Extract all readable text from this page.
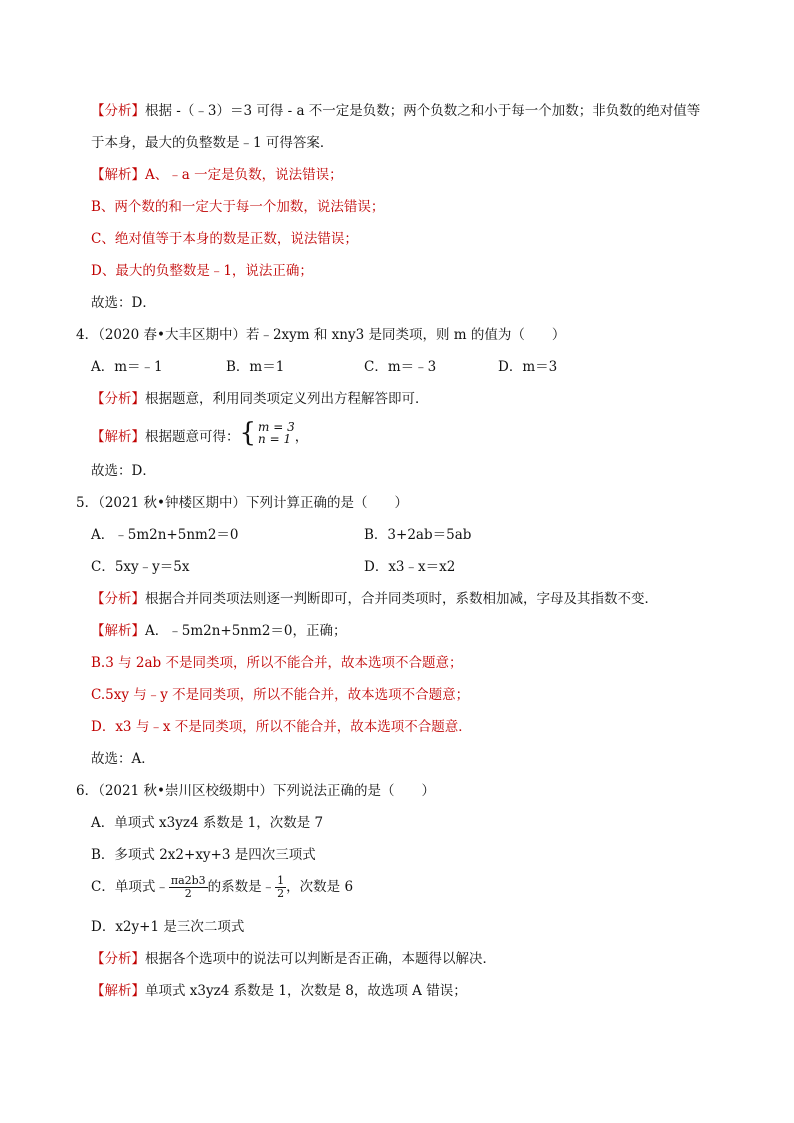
【分析】根据 -（﹣3）＝3 可得 - a 不一定是负数；两个负数之和小于每一个加数；非负数的绝对值等
于本身，最大的负整数是﹣1 可得答案．
【解析】A、﹣a 一定是负数，说法错误；
B、两个数的和一定大于每一个加数，说法错误；
C、绝对值等于本身的数是正数，说法错误；
D、最大的负整数是﹣1，说法正确；
故选：D．
4．（2020 春•大丰区期中）若﹣2xym 和 xny3 是同类项，则 m 的值为（　　）
A．m＝﹣1	B．m＝1	C．m＝﹣3	D．m＝3
【分析】根据题意，利用同类项定义列出方程解答即可．
【解析】根据题意可得： { m = 3
n = 1 ，
故选：D．
5．（2021 秋•钟楼区期中）下列计算正确的是（　　）
A．﹣5m2n+5nm2＝0	B．3+2ab＝5ab
C．5xy﹣y＝5x	D．x3﹣x＝x2
【分析】根据合并同类项法则逐一判断即可，合并同类项时，系数相加减，字母及其指数不变．
【解析】A．﹣5m2n+5nm2＝0，正确；
B.3 与 2ab 不是同类项，所以不能合并，故本选项不合题意；
C.5xy 与﹣y 不是同类项，所以不能合并，故本选项不合题意；
D．x3 与﹣x 不是同类项，所以不能合并，故本选项不合题意．
故选：A．
6．（2021 秋•崇川区校级期中）下列说法正确的是（　　）
A．单项式 x3yz4 系数是 1，次数是 7
B．多项式 2x2+xy+3 是四次三项式
C．单项式﹣ $\frac{\pi a2b3}{2}$ 的系数是﹣ $\frac{1}{2}$ ，次数是 6
D．x2y+1 是三次二项式
【分析】根据各个选项中的说法可以判断是否正确，本题得以解决．
【解析】单项式 x3yz4 系数是 1，次数是 8，故选项 A 错误；
